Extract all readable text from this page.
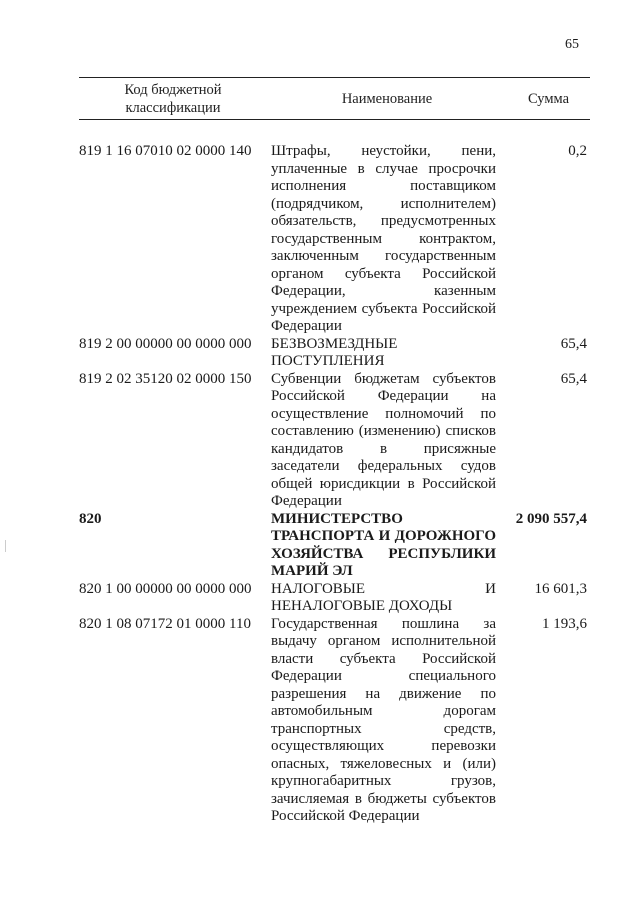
65
Код бюджетной классификации
Наименование	Сумма
819 1 16 07010 02 0000 140 Штрафы, неустойки, пени, уплаченные в случае просрочки исполнения поставщиком (подрядчиком, исполнителем) обязательств, предусмотренных государственным контрактом, заключенным государственным органом субъекта Российской Федерации, казенным учреждением субъекта Российской Федерации
0,2
819 2 00 00000 00 0000 000 БЕЗВОЗМЕЗДНЫЕ ПОСТУПЛЕНИЯ
65,4
819 2 02 35120 02 0000 150 Субвенции бюджетам субъектов Российской Федерации на осуществление полномочий по составлению (изменению) списков кандидатов в присяжные заседатели федеральных судов общей юрисдикции в Российской Федерации
65,4
820	МИНИСТЕРСТВО ТРАНСПОРТА И ДОРОЖНОГО ХОЗЯЙСТВА РЕСПУБЛИКИ МАРИЙ ЭЛ
2 090 557,4
820 1 00 00000 00 0000 000 НАЛОГОВЫЕ И НЕНАЛОГОВЫЕ ДОХОДЫ
16 601,3
820 1 08 07172 01 0000 110 Государственная пошлина за выдачу органом исполнительной власти субъекта Российской Федерации специального разрешения на движение по автомобильным дорогам транспортных средств, осуществляющих перевозки опасных, тяжеловесных и (или) крупногабаритных грузов, зачисляемая в бюджеты субъектов Российской Федерации
1 193,6
